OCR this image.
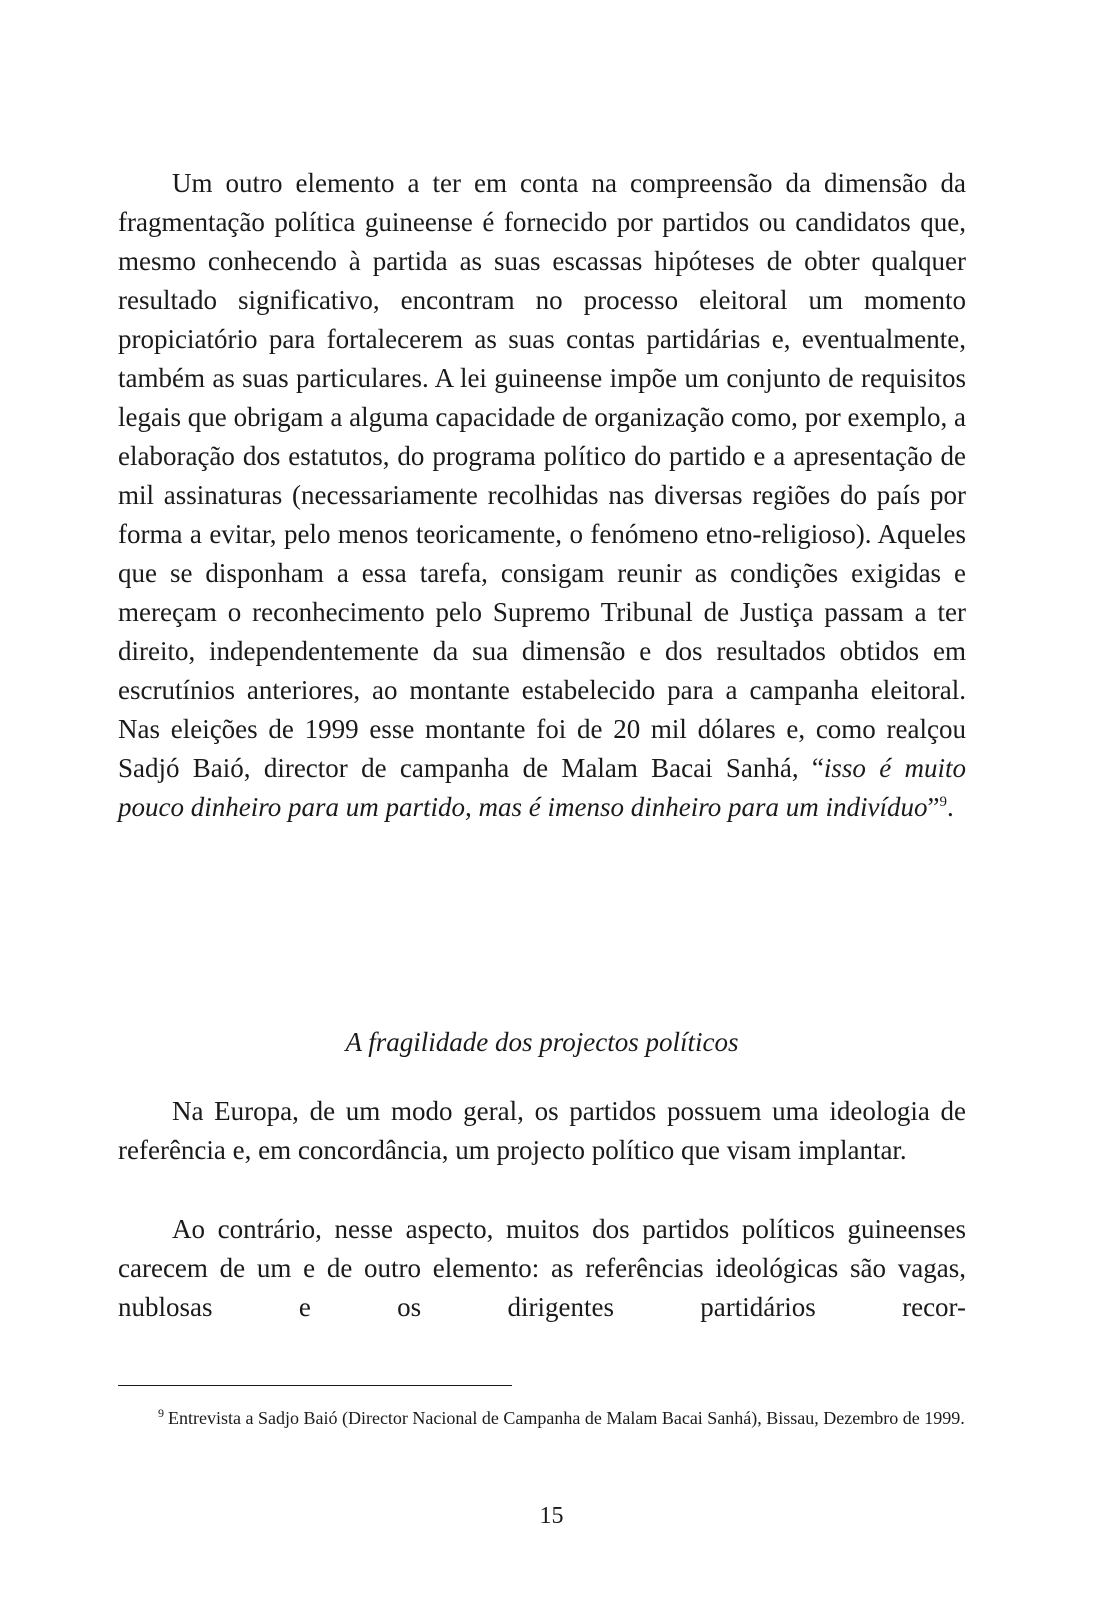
Um outro elemento a ter em conta na compreensão da dimensão da fragmentação política guineense é fornecido por partidos ou candidatos que, mesmo conhecendo à partida as suas escassas hipóteses de obter qualquer resultado significativo, encontram no processo eleitoral um momento propiciatório para fortalecerem as suas contas partidárias e, eventualmente, também as suas particulares. A lei guineense impõe um conjunto de requisitos legais que obrigam a alguma capacidade de organização como, por exemplo, a elaboração dos estatutos, do programa político do partido e a apresentação de mil assinaturas (necessariamente recolhidas nas diversas regiões do país por forma a evitar, pelo menos teoricamente, o fenómeno etno-religioso). Aqueles que se disponham a essa tarefa, consigam reunir as condições exigidas e mereçam o reconhecimento pelo Supremo Tribunal de Justiça passam a ter direito, independentemente da sua dimensão e dos resultados obtidos em escrutínios anteriores, ao montante estabelecido para a campanha eleitoral. Nas eleições de 1999 esse montante foi de 20 mil dólares e, como realçou Sadjó Baió, director de campanha de Malam Bacai Sanhá, “isso é muito pouco dinheiro para um partido, mas é imenso dinheiro para um indivíduo”$^9$.

A fragilidade dos projectos políticos

Na Europa, de um modo geral, os partidos possuem uma ideologia de referência e, em concordância, um projecto político que visam implantar.

Ao contrário, nesse aspecto, muitos dos partidos políticos guineenses carecem de um e de outro elemento: as referências ideológicas são vagas, nublosas e os dirigentes partidários recor-

$^9$ Entrevista a Sadjo Baió (Director Nacional de Campanha de Malam Bacai Sanhá), Bissau, Dezembro de 1999.

15
